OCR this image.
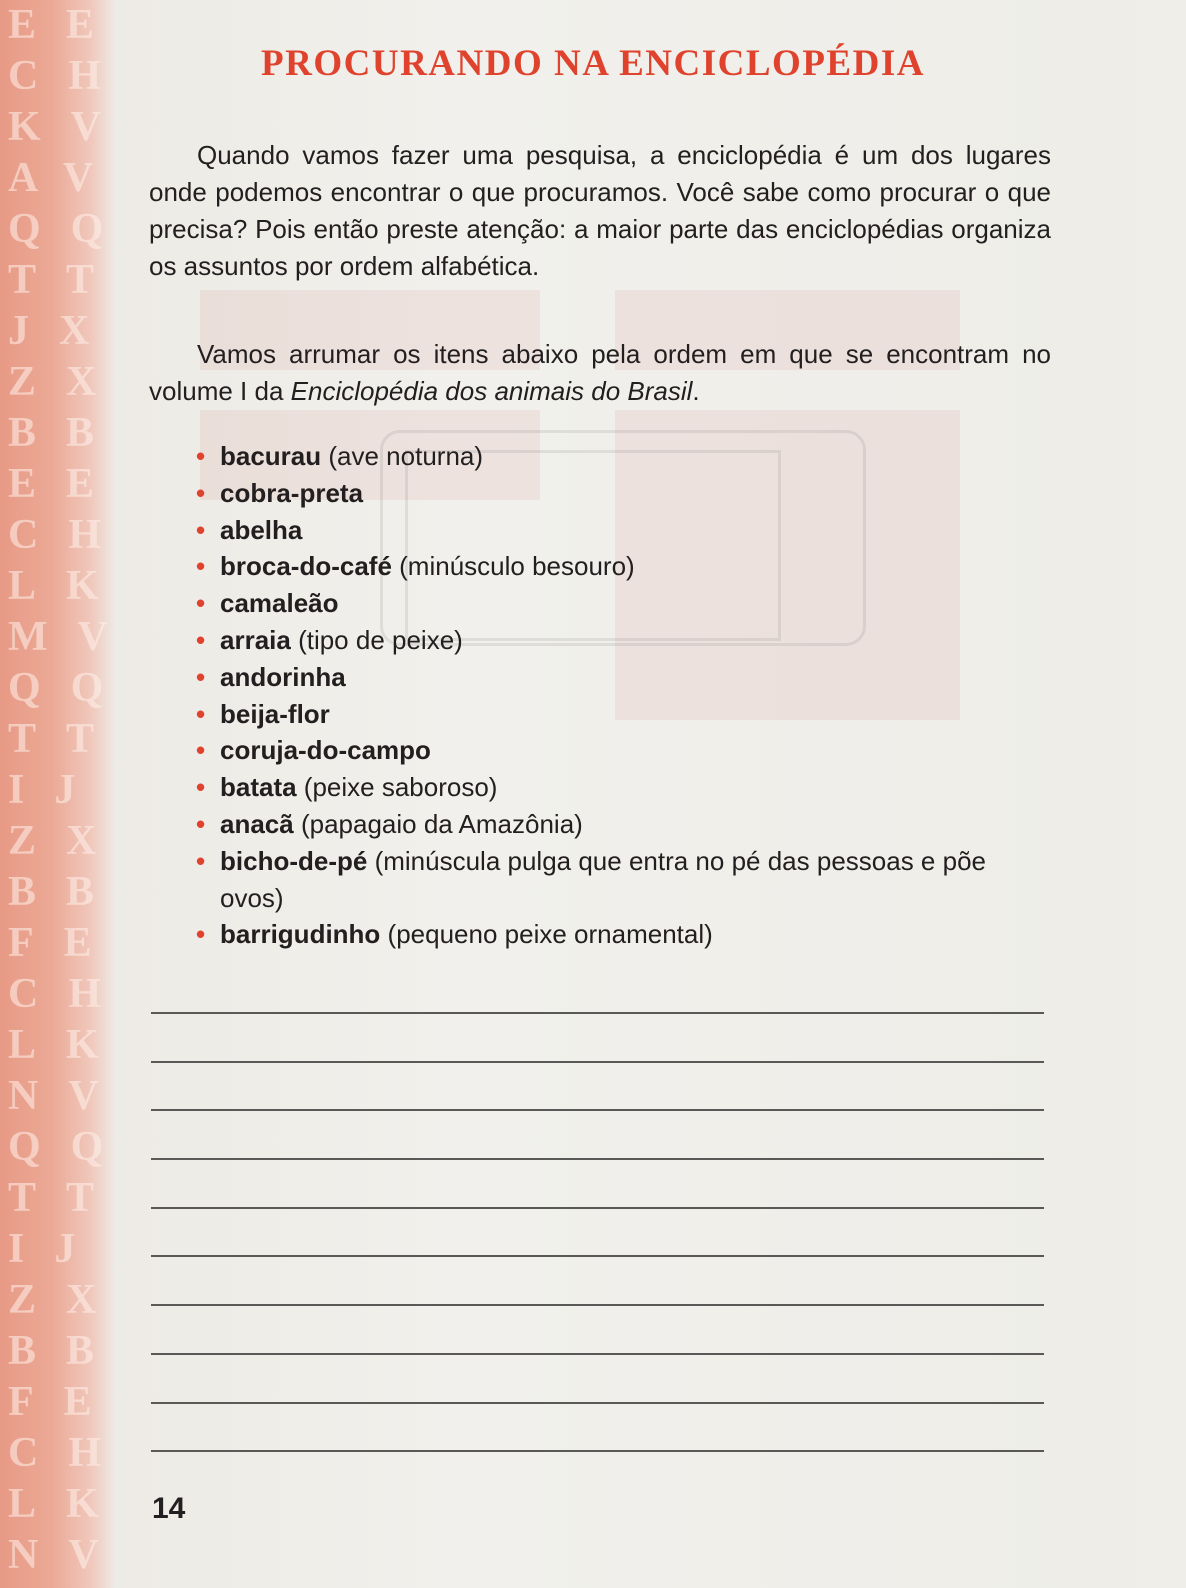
EE
CH
KV
AV
QQ
TT
JX
ZX
BB
EE
CH
LK
MV
QQ
TT
IJ
ZX
BB
FE
CH
LK
NV
QQ
TT
IJ
ZX
BB
FE
CH
LK
NV
PROCURANDO NA ENCICLOPÉDIA

Quando vamos fazer uma pesquisa, a enciclopédia é um dos lugares onde podemos encontrar o que procuramos. Você sabe como procurar o que precisa? Pois então preste atenção: a maior parte das enciclopédias organiza os assuntos por ordem alfabética.

Vamos arrumar os itens abaixo pela ordem em que se encontram no volume I da Enciclopédia dos animais do Brasil.

• bacurau (ave noturna)
• cobra-preta
• abelha
• broca-do-café (minúsculo besouro)
• camaleão
• arraia (tipo de peixe)
• andorinha
• beija-flor
• coruja-do-campo
• batata (peixe saboroso)
• anacã (papagaio da Amazônia)
• bicho-de-pé (minúscula pulga que entra no pé das pessoas e põe ovos)
• barrigudinho (pequeno peixe ornamental)

14
